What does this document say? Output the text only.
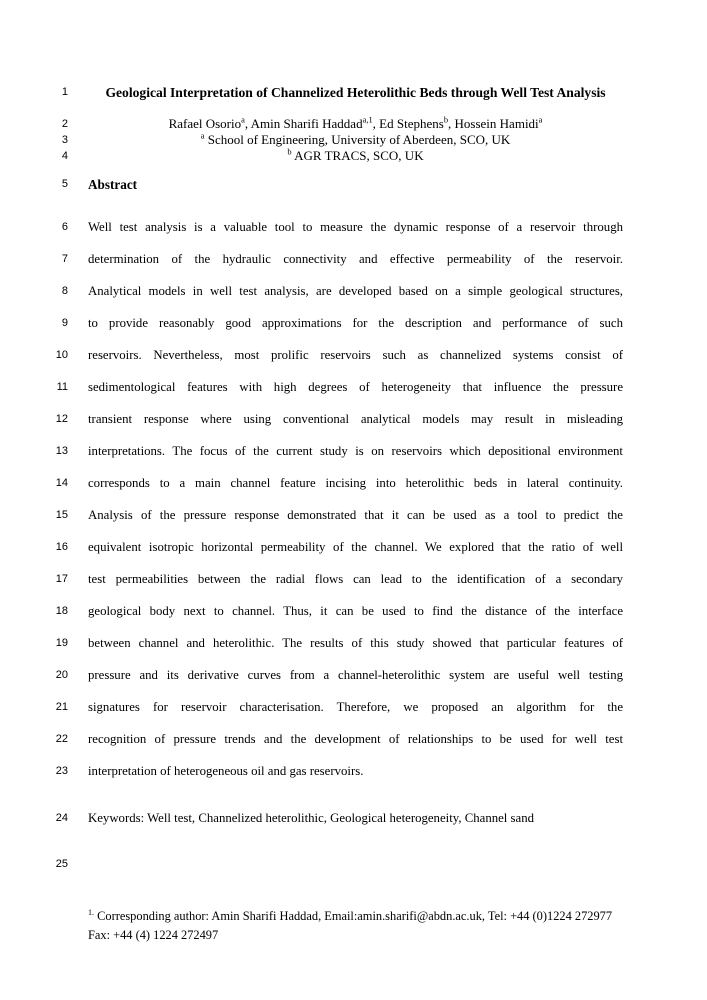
1	Geological Interpretation of Channelized Heterolithic Beds through Well Test Analysis
2	Rafael Osorio$^a$, Amin Sharifi Haddad$^{a,1}$, Ed Stephens$^b$, Hossein Hamidi$^a$
3	$^a$ School of Engineering, University of Aberdeen, SCO, UK
4	$^b$ AGR TRACS, SCO, UK
5 Abstract
6 Well test analysis is a valuable tool to measure the dynamic response of a reservoir through
7 determination of the hydraulic connectivity and effective permeability of the reservoir.
8 Analytical models in well test analysis, are developed based on a simple geological structures,
9 to provide reasonably good approximations for the description and performance of such
10 reservoirs. Nevertheless, most prolific reservoirs such as channelized systems consist of
11 sedimentological features with high degrees of heterogeneity that influence the pressure
12 transient response where using conventional analytical models may result in misleading
13 interpretations. The focus of the current study is on reservoirs which depositional environment
14 corresponds to a main channel feature incising into heterolithic beds in lateral continuity.
15 Analysis of the pressure response demonstrated that it can be used as a tool to predict the
16 equivalent isotropic horizontal permeability of the channel. We explored that the ratio of well
17 test permeabilities between the radial flows can lead to the identification of a secondary
18 geological body next to channel. Thus, it can be used to find the distance of the interface
19 between channel and heterolithic. The results of this study showed that particular features of
20 pressure and its derivative curves from a channel-heterolithic system are useful well testing
21 signatures for reservoir characterisation. Therefore, we proposed an algorithm for the
22 recognition of pressure trends and the development of relationships to be used for well test
23 interpretation of heterogeneous oil and gas reservoirs.
24 Keywords: Well test, Channelized heterolithic, Geological heterogeneity, Channel sand
25
$^{1.}$ Corresponding author: Amin Sharifi Haddad, Email:amin.sharifi@abdn.ac.uk, Tel: +44 (0)1224 272977 Fax: +44 (4) 1224 272497
